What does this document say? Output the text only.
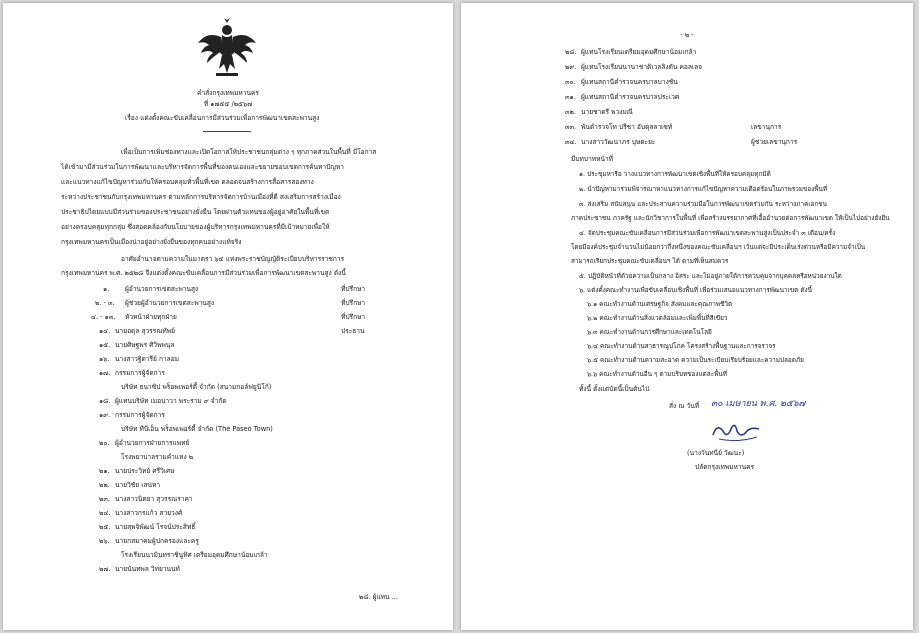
คำสั่งกรุงเทพมหานคร
ที่ ๑๗๕๕ /๒๕๖๗
เรื่อง แต่งตั้งคณะขับเคลื่อนการมีส่วนร่วมเพื่อการพัฒนาเขตสะพานสูง
เพื่อเป็นการเพิ่มช่องทางและเปิดโอกาสให้ประชาชนกลุ่มต่าง ๆ ทุกภาคส่วนในพื้นที่ มีโอกาส
ได้เข้ามามีส่วนร่วมในการพัฒนาและบริหารจัดการพื้นที่ของตนเองและขยายขอบเขตการค้นหาปัญหา
และแนวทางแก้ไขปัญหาร่วมกันให้ครอบคลุมทั่วพื้นที่เขต ตลอดจนสร้างการสื่อสารสองทาง
ระหว่างประชาชนกับกรุงเทพมหานคร ตามหลักการบริหารจัดการบ้านเมืองที่ดี ส่งเสริมการสร้างเมือง
ประชาธิปไตยแบบมีส่วนร่วมของประชาชนอย่างยั่งยืน โดยผ่านตัวแทนของผู้อยู่อาศัยในพื้นที่เขต
อย่างครอบคลุมทุกกลุ่ม ซึ่งสอดคล้องกับนโยบายของผู้บริหารกรุงเทพมหานครที่มีเป้าหมายเพื่อให้
กรุงเทพมหานครเป็นเมืองน่าอยู่อย่างยั่งยืนของทุกคนอย่างแท้จริง
อาศัยอำนาจตามความในมาตรา ๖๕ แห่งพระราชบัญญัติระเบียบบริหารราชการ
กรุงเทพมหานคร พ.ศ. ๒๕๒๘ จึงแต่งตั้งคณะขับเคลื่อนการมีส่วนร่วมเพื่อการพัฒนาเขตสะพานสูง ดังนี้
๑. ผู้อำนวยการเขตสะพานสูง	ที่ปรึกษา
๒. - ๓. ผู้ช่วยผู้อำนวยการเขตสะพานสูง	ที่ปรึกษา
๔. - ๑๓. หัวหน้าฝ่ายทุกฝ่าย	ที่ปรึกษา
๑๔. นายอดุล สุวรรณทัพย์	ประธาน
๑๕. นายศิษฐพร ศิวิพพนุล
๑๖. นางสาวฐิตารีย์ กาลอม
๑๗. กรรมการผู้จัดการ
บริษัท ธนาซิป พร็อพเพอร์ตี้ จำกัด (สนามกอล์ฟยูนิโก้)
๑๘. ผู้แทนบริษัท เมอนาวา พระราม ๙ จำกัด
๑๙. กรรมการผู้จัดการ
บริษัท ทีบีเอ็น พร็อพเพอร์ตี้ จำกัด (The Paseo Town)
๒๐. ผู้อำนวยการฝ่ายการแพทย์
โรงพยาบาลรามคำแหง ๒
๒๑. นายประวิทย์ ศรีวิเศษ
๒๒. นายวิชัย เสน่หา
๒๓. นางสาวนิตยา สุวรรณราคา
๒๔. นางสาวกรแก้ว สายวงศ์
๒๕. นายสุพจิพัฒน์ โรจน์ประสิทธิ์
๒๖. นายกสมาคมผู้ปกครองและครู
โรงเรียนนวมินทราชินูทิศ เตรียมอุดมศึกษาน้อมเกล้า
๒๗. นายนันทพล วิทยานนท์
๒๘. ผู้แทน ...
- ๒ -
๒๘. ผู้แทนโรงเรียนเตรียมอุดมศึกษาน้อมเกล้า
๒๙. ผู้แทนโรงเรียนนานาชาติเวลลิงตัน คอลเลจ
๓๐. ผู้แทนสถานีตำรวจนครบาลบางชัน
๓๑. ผู้แทนสถานีตำรวจนครบาลประเวศ
๓๒. นายชาตรี พวงมณี
๓๓. พันตำรวจโท ปรีชา อับดุลลาเซท์	เลขานุการ
๓๔. นางสาววัฒนาภร บุษตะยะ	ผู้ช่วยเลขานุการ
มีบทบาทหน้าที่
๑. ประชุมหารือ วางแนวทางการพัฒนาเขตเชิงพื้นที่ให้ครอบคลุมทุกมิติ
๒. นำปัญหามาร่วมพิจารณาหาแนวทางการแก้ไขปัญหาความเดือดร้อนในภาพรวมของพื้นที่
๓. ส่งเสริม สนับสนุน และประสานความร่วมมือในการพัฒนาเขตร่วมกัน ระหว่างภาคเอกชน
ภาคประชาชน ภาครัฐ และนักวิชาการในพื้นที่ เพื่อสร้างบรรยากาศที่เอื้ออำนวยต่อการพัฒนาเขต ให้เป็นไปอย่างยั่งยืน
๔. จัดประชุมคณะขับเคลื่อนการมีส่วนร่วมเพื่อการพัฒนาเขตสะพานสูงเป็นประจำ ๓ เดือน/ครั้ง
โดยมีองค์ประชุมจำนวนไม่น้อยกว่ากึ่งหนึ่งของคณะขับเคลื่อนฯ เว้นแต่จะมีประเด็นเร่งด่วนหรือมีความจำเป็น
สามารถเรียกประชุมคณะขับเคลื่อนฯ ได้ ตามที่เห็นสมควร
๕. ปฏิบัติหน้าที่ด้วยความเป็นกลาง อิสระ และไม่อยู่ภายใต้การควบคุมจากบุคคลหรือหน่วยงานใด
๖. แต่งตั้งคณะทำงานเพื่อขับเคลื่อนเชิงพื้นที่ เพื่อร่วมเสนอแนวทางการพัฒนาเขต ดังนี้
๖.๑ คณะทำงานด้านเศรษฐกิจ สังคมและคุณภาพชีวิต
๖.๒ คณะทำงานด้านสิ่งแวดล้อมและเพิ่มพื้นที่สีเขียว
๖.๓ คณะทำงานด้านการศึกษาและเทคโนโลยี
๖.๔ คณะทำงานด้านสาธารณูปโภค โครงสร้างพื้นฐานและการจราจร
๖.๕ คณะทำงานด้านความสะอาด ความเป็นระเบียบเรียบร้อยและความปลอดภัย
๖.๖ คณะทำงานด้านอื่น ๆ ตามบริบทของแต่ละพื้นที่
ทั้งนี้ ตั้งแต่บัดนี้เป็นต้นไป
สั่ง ณ วันที่ ๓๐ เมษายน พ.ศ. ๒๕๖๗
(นางวันทนีย์ วัฒนะ)
ปลัดกรุงเทพมหานคร
